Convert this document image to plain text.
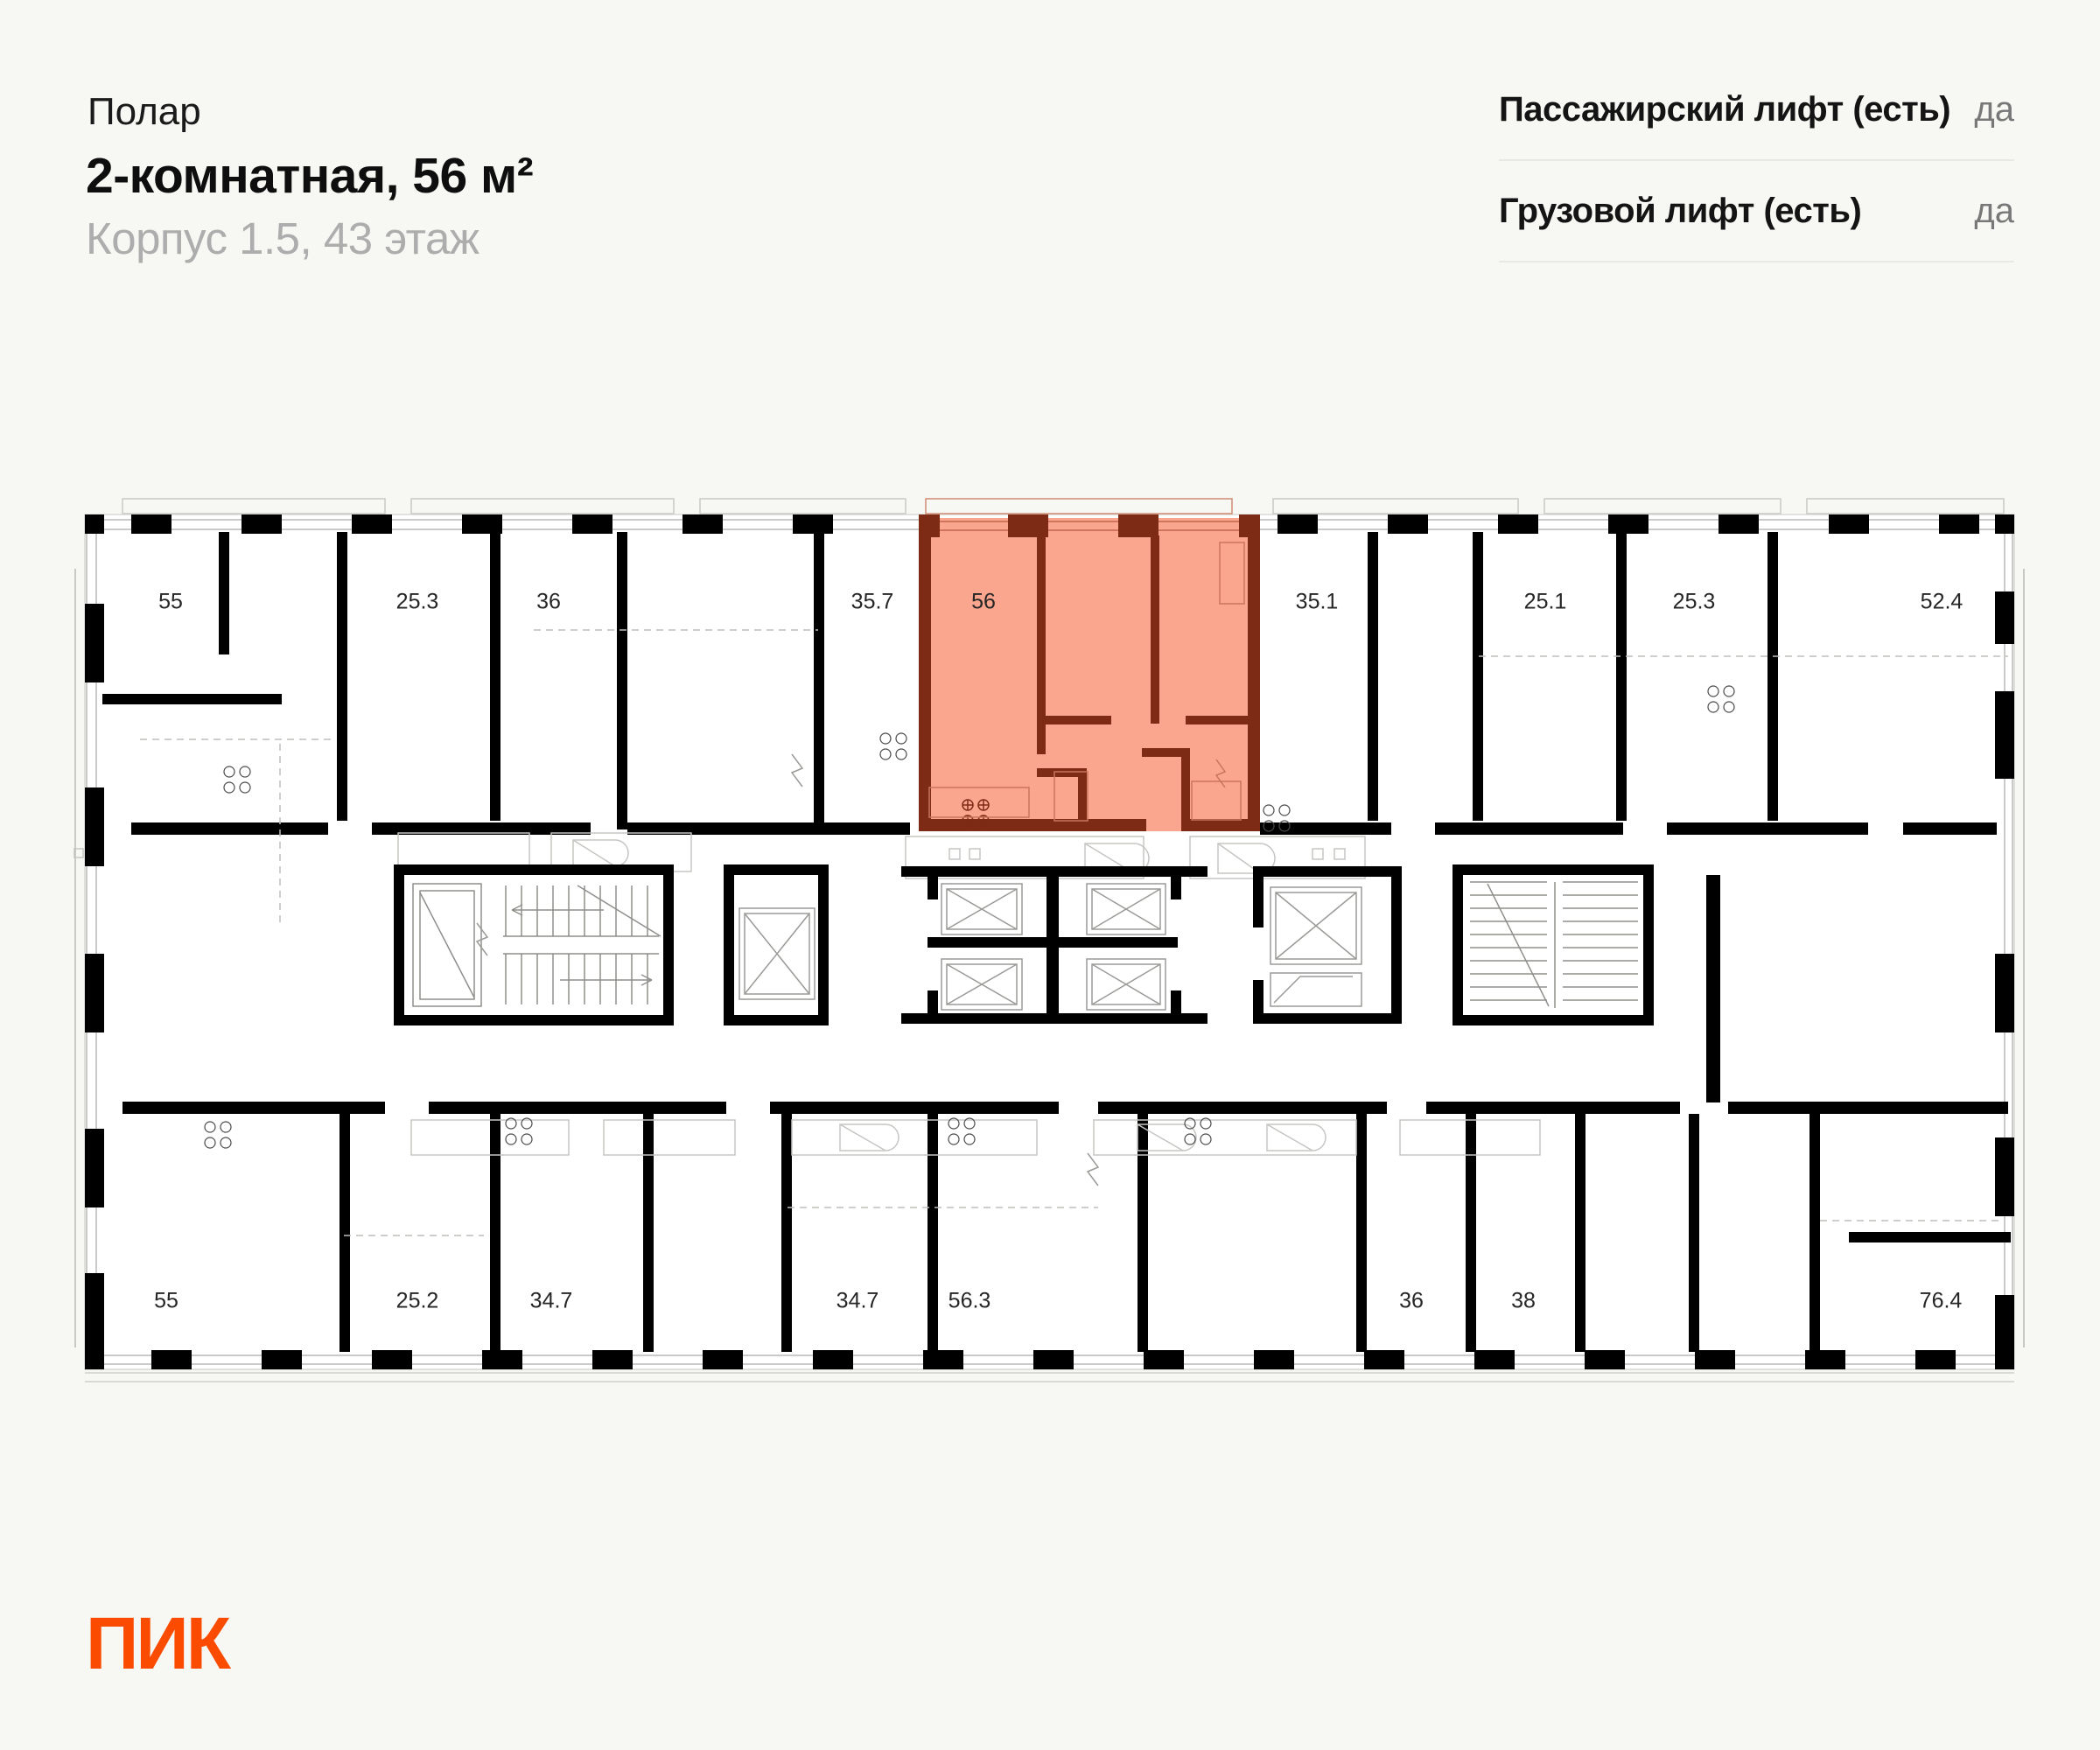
Полар
2-комнатная, 56 м²
Корпус 1.5, 43 этаж
Пассажирский лифт (есть) да
Грузовой лифт (есть)	да
55	25.3	36	35.7	35.1	25.1	25.3	52.4
56
55	25.2	34.7	34.7	56.3	36	38	76.4
ПИК
